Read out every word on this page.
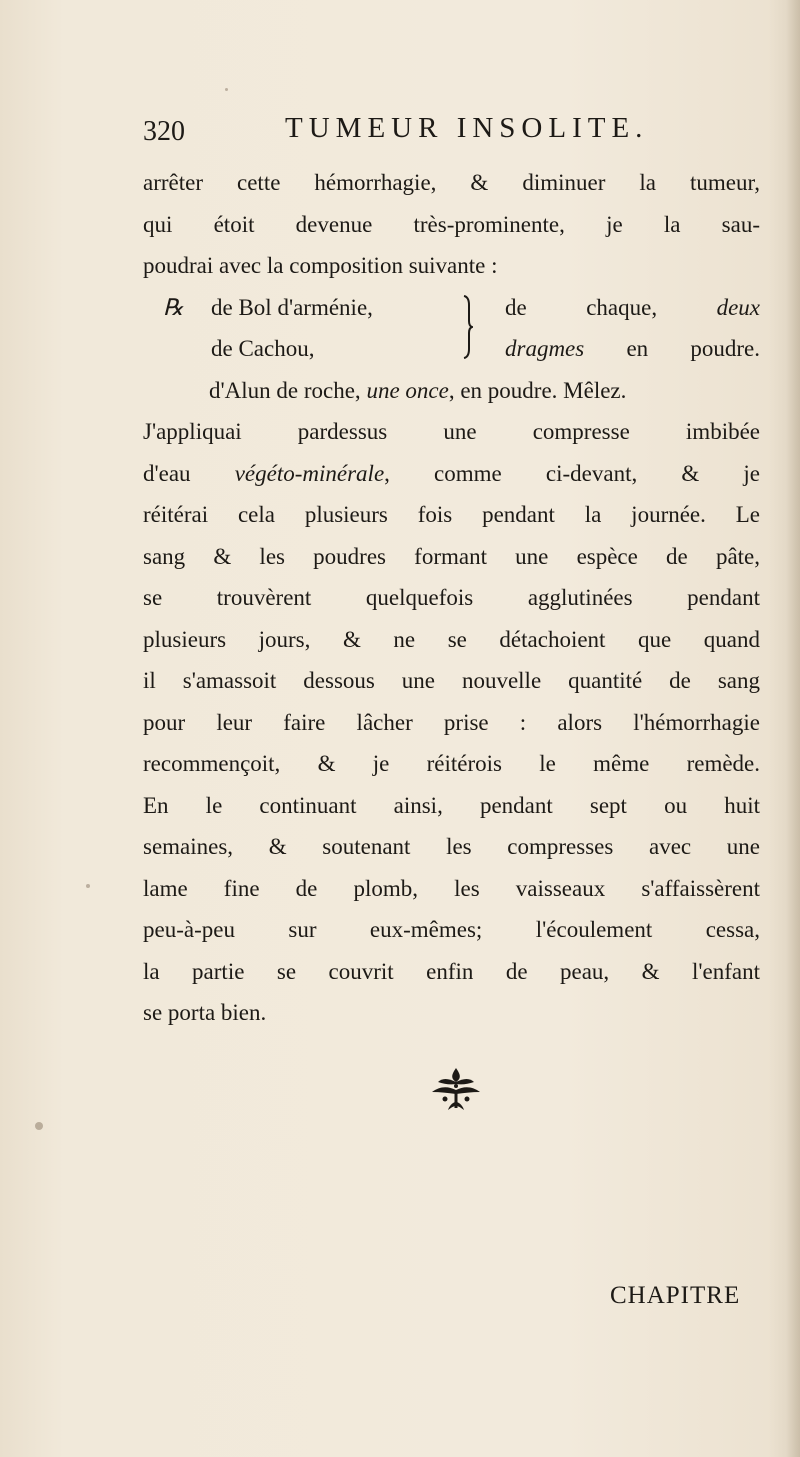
320	TUMEUR INSOLITE.
arrêter cette hémorrhagie, & diminuer la tumeur,
qui étoit devenue très-prominente, je la sau-
poudrai avec la composition suivante :
℞ de Bol d'arménie,
de Cachou,
de chaque,	deux
dragmes en poudre.
d'Alun de roche, une once, en poudre. Mêlez.
J'appliquai pardessus une compresse imbibée
d'eau végéto-minérale, comme ci-devant, & je
réitérai cela plusieurs fois pendant la journée. Le
sang & les poudres formant une espèce de pâte,
se trouvèrent quelquefois agglutinées pendant
plusieurs jours, & ne se détachoient que quand
il s'amassoit dessous une nouvelle quantité de sang
pour leur faire lâcher prise : alors l'hémorrhagie
recommençoit, & je réitérois le même remède.
En le continuant ainsi, pendant sept ou huit
semaines, & soutenant les compresses avec une
lame fine de plomb, les vaisseaux s'affaissèrent
peu-à-peu sur eux-mêmes; l'écoulement cessa,
la partie se couvrit enfin de peau, & l'enfant
se porta bien.
CHAPITRE
